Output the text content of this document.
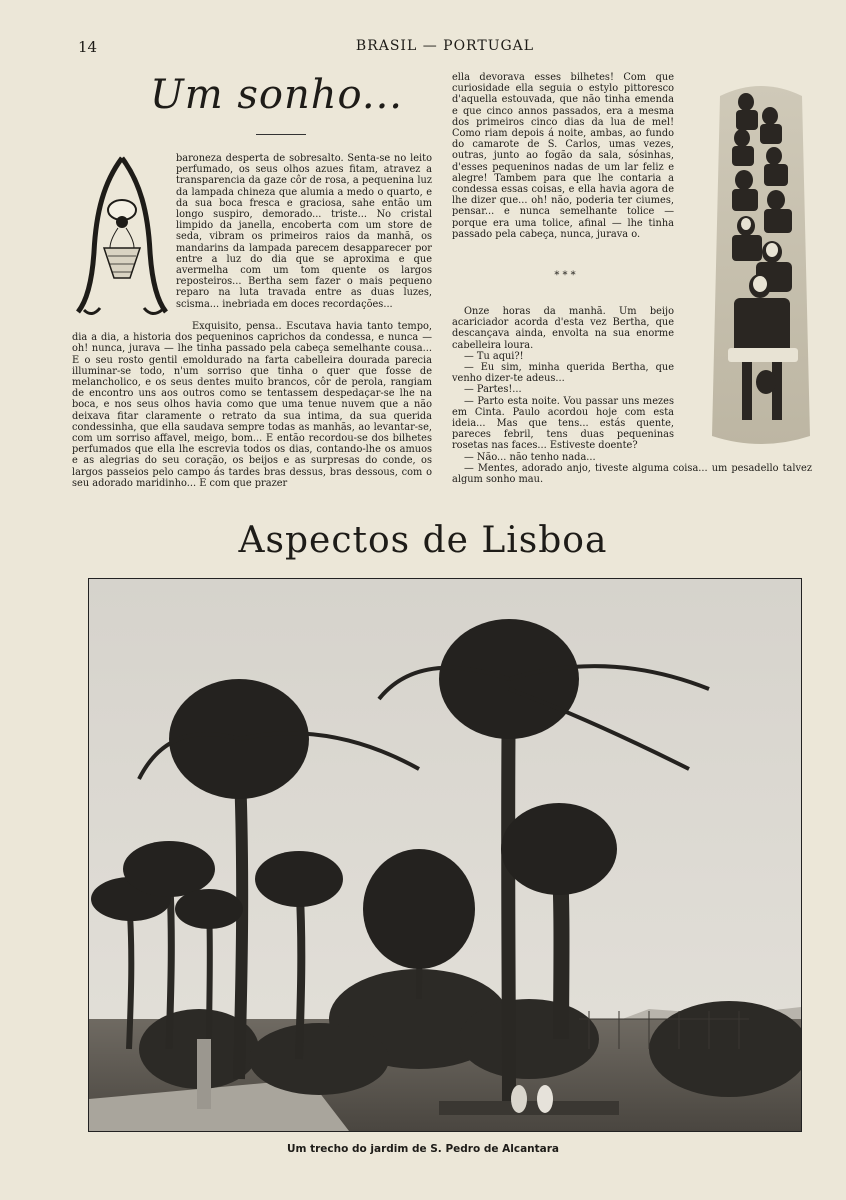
14	BRASIL — PORTUGAL
Um sonho...

baroneza desperta de sobresalto. Senta-se no leito perfumado, os seus olhos azues fitam, atravez a transparencia da gaze côr de rosa, a pequenina luz da lampada chineza que alumia a medo o quarto, e da sua boca fresca e graciosa, sahe então um longo suspiro, demorado... triste... No cristal limpido da janella, encoberta com um store de seda, vibram os primeiros raios da manhã, os mandarins da lampada parecem desapparecer por entre a luz do dia que se aproxima e que avermelha com um tom quente os largos reposteiros... Bertha sem fazer o mais pequeno reparo na luta travada entre as duas luzes, scisma... inebriada em doces recordações...

Exquisito, pensa.. Escutava havia tanto tempo, dia a dia, a historia dos pequeninos caprichos da condessa, e nunca — oh! nunca, jurava — lhe tinha passado pela cabeça semelhante cousa... E o seu rosto gentil emoldurado na farta cabelleira dourada parecia illuminar-se todo, n'um sorriso que tinha o quer que fosse de melancholico, e os seus dentes muito brancos, côr de perola, rangiam de encontro uns aos outros como se tentassem despedaçar-se lhe na boca, e nos seus olhos havia como que uma tenue nuvem que a não deixava fitar claramente o retrato da sua intima, da sua querida condessinha, que ella saudava sempre todas as manhãs, ao levantar-se, com um sorriso affavel, meigo, bom... E então recordou-se dos bilhetes perfumados que ella lhe escrevia todos os dias, contando-lhe os amuos e as alegrias do seu coração, os beijos e as surpresas do conde, os largos passeios pelo campo ás tardes bras dessus, bras dessous, com o seu adorado maridinho... E com que prazer

ella devorava esses bilhetes! Com que curiosidade ella seguia o estylo pittoresco d'aquella estouvada, que não tinha emenda e que cinco annos passados, era a mesma dos primeiros cinco dias da lua de mel! Como riam depois á noite, ambas, ao fundo do camarote de S. Carlos, umas vezes, outras, junto ao fogão da sala, sósinhas, d'esses pequeninos nadas de um lar feliz e alegre! Tambem para que lhe contaria a condessa essas coisas, e ella havia agora de lhe dizer que... oh! não, poderia ter ciumes, pensar... e nunca semelhante tolice — porque era uma tolice, afinal — lhe tinha passado pela cabeça, nunca, jurava o.

* * *

Onze horas da manhã. Um beijo acariciador acorda d'esta vez Bertha, que descançava ainda, envolta na sua enorme cabelleira loura.

— Tu aqui?!

— Eu sim, minha querida Bertha, que venho dizer-te adeus...

— Partes!...

— Parto esta noite. Vou passar uns mezes em Cinta. Paulo acordou hoje com esta ideia... Mas que tens... estás quente, pareces febril, tens duas pequeninas rosetas nas faces... Estiveste doente?

— Não... não tenho nada...

— Mentes, adorado anjo, tiveste alguma coisa... um pesadello talvez algum sonho mau.

Aspectos de Lisboa
Um trecho do jardim de S. Pedro de Alcantara
